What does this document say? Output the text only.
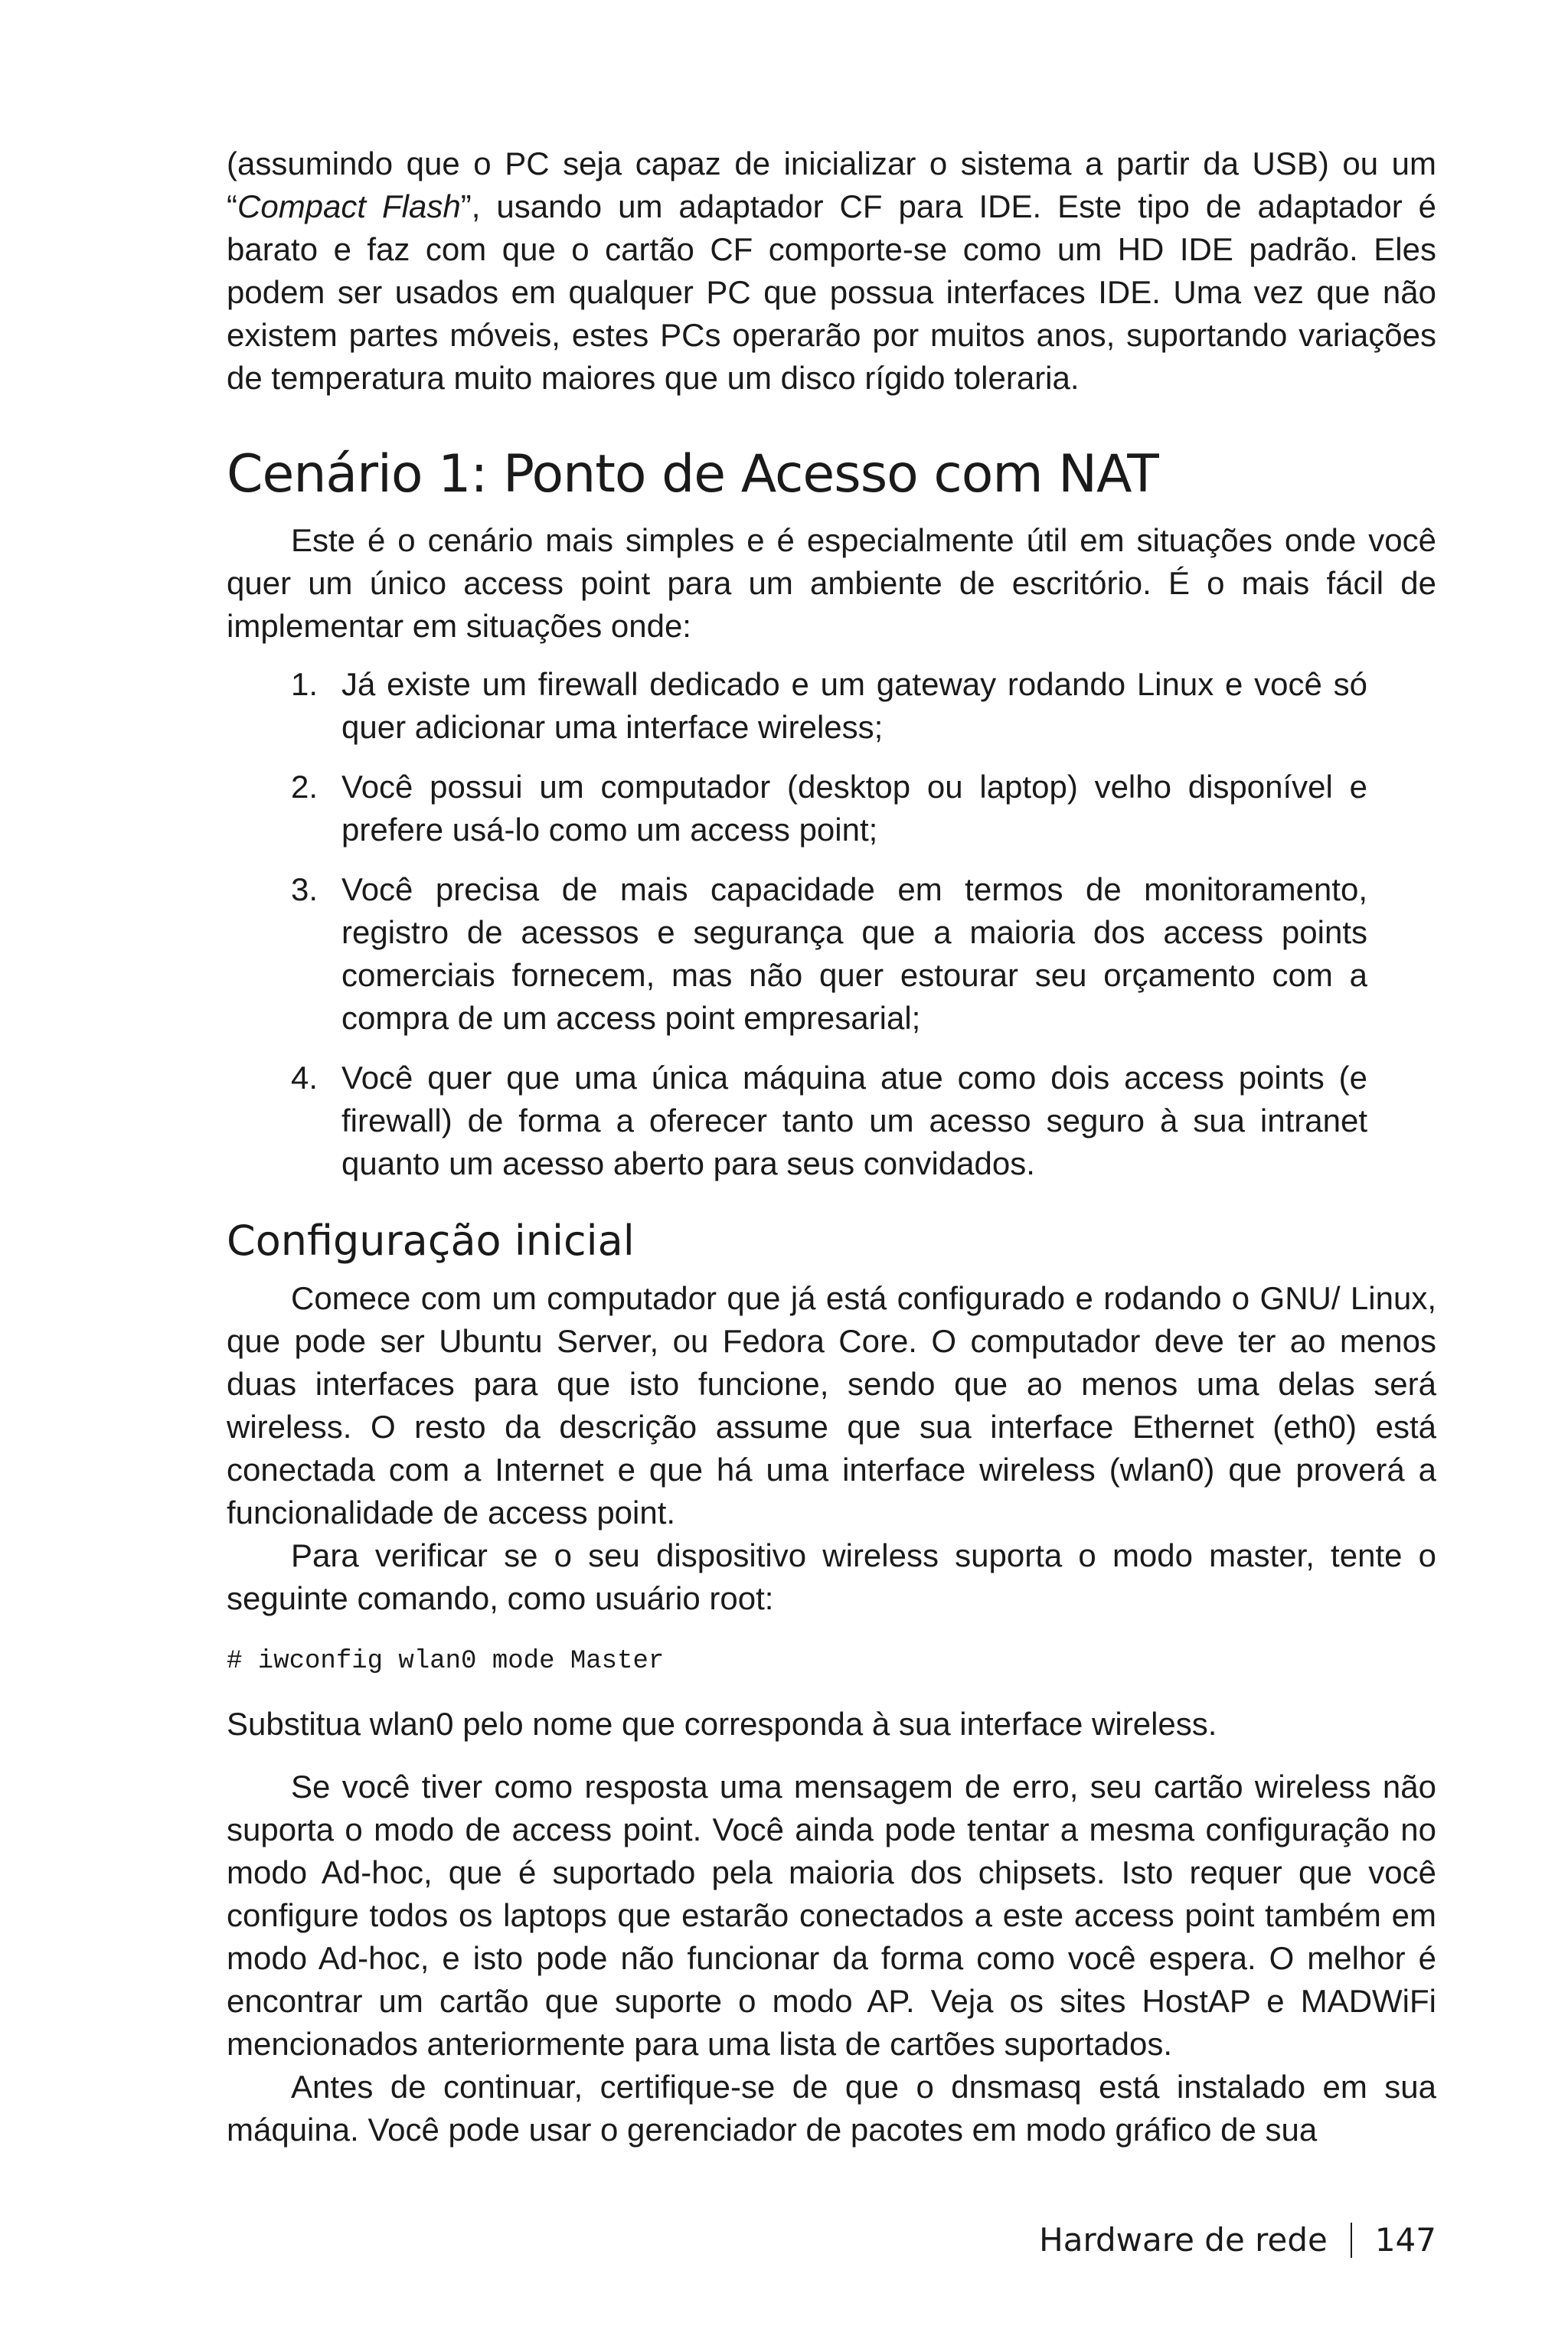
(assumindo que o PC seja capaz de inicializar o sistema a partir da USB) ou um “Compact Flash”, usando um adaptador CF para IDE. Este tipo de adaptador é barato e faz com que o cartão CF comporte-se como um HD IDE padrão. Eles podem ser usados em qualquer PC que possua interfaces IDE. Uma vez que não existem partes móveis, estes PCs operarão por muitos anos, suportando variações de temperatura muito maiores que um disco rígido toleraria.

Cenário 1: Ponto de Acesso com NAT

Este é o cenário mais simples e é especialmente útil em situações onde você quer um único access point para um ambiente de escritório. É o mais fácil de implementar em situações onde:

1. Já existe um firewall dedicado e um gateway rodando Linux e você só quer adicionar uma interface wireless;

2. Você possui um computador (desktop ou laptop) velho disponível e prefere usá-lo como um access point;

3. Você precisa de mais capacidade em termos de monitoramento, registro de acessos e segurança que a maioria dos access points comerciais fornecem, mas não quer estourar seu orçamento com a compra de um access point empresarial;

4. Você quer que uma única máquina atue como dois access points (e firewall) de forma a oferecer tanto um acesso seguro à sua intranet quanto um acesso aberto para seus convidados.

Configuração inicial

Comece com um computador que já está configurado e rodando o GNU/ Linux, que pode ser Ubuntu Server, ou Fedora Core. O computador deve ter ao menos duas interfaces para que isto funcione, sendo que ao menos uma delas será wireless. O resto da descrição assume que sua interface Ethernet (eth0) está conectada com a Internet e que há uma interface wireless (wlan0) que proverá a funcionalidade de access point.

Para verificar se o seu dispositivo wireless suporta o modo master, tente o seguinte comando, como usuário root:

# iwconfig wlan0 mode Master

Substitua wlan0 pelo nome que corresponda à sua interface wireless.

Se você tiver como resposta uma mensagem de erro, seu cartão wireless não suporta o modo de access point. Você ainda pode tentar a mesma configuração no modo Ad-hoc, que é suportado pela maioria dos chipsets. Isto requer que você configure todos os laptops que estarão conectados a este access point também em modo Ad-hoc, e isto pode não funcionar da forma como você espera. O melhor é encontrar um cartão que suporte o modo AP. Veja os sites HostAP e MADWiFi mencionados anteriormente para uma lista de cartões suportados.

Antes de continuar, certifique-se de que o dnsmasq está instalado em sua máquina. Você pode usar o gerenciador de pacotes em modo gráfico de sua

Hardware de rede 147
